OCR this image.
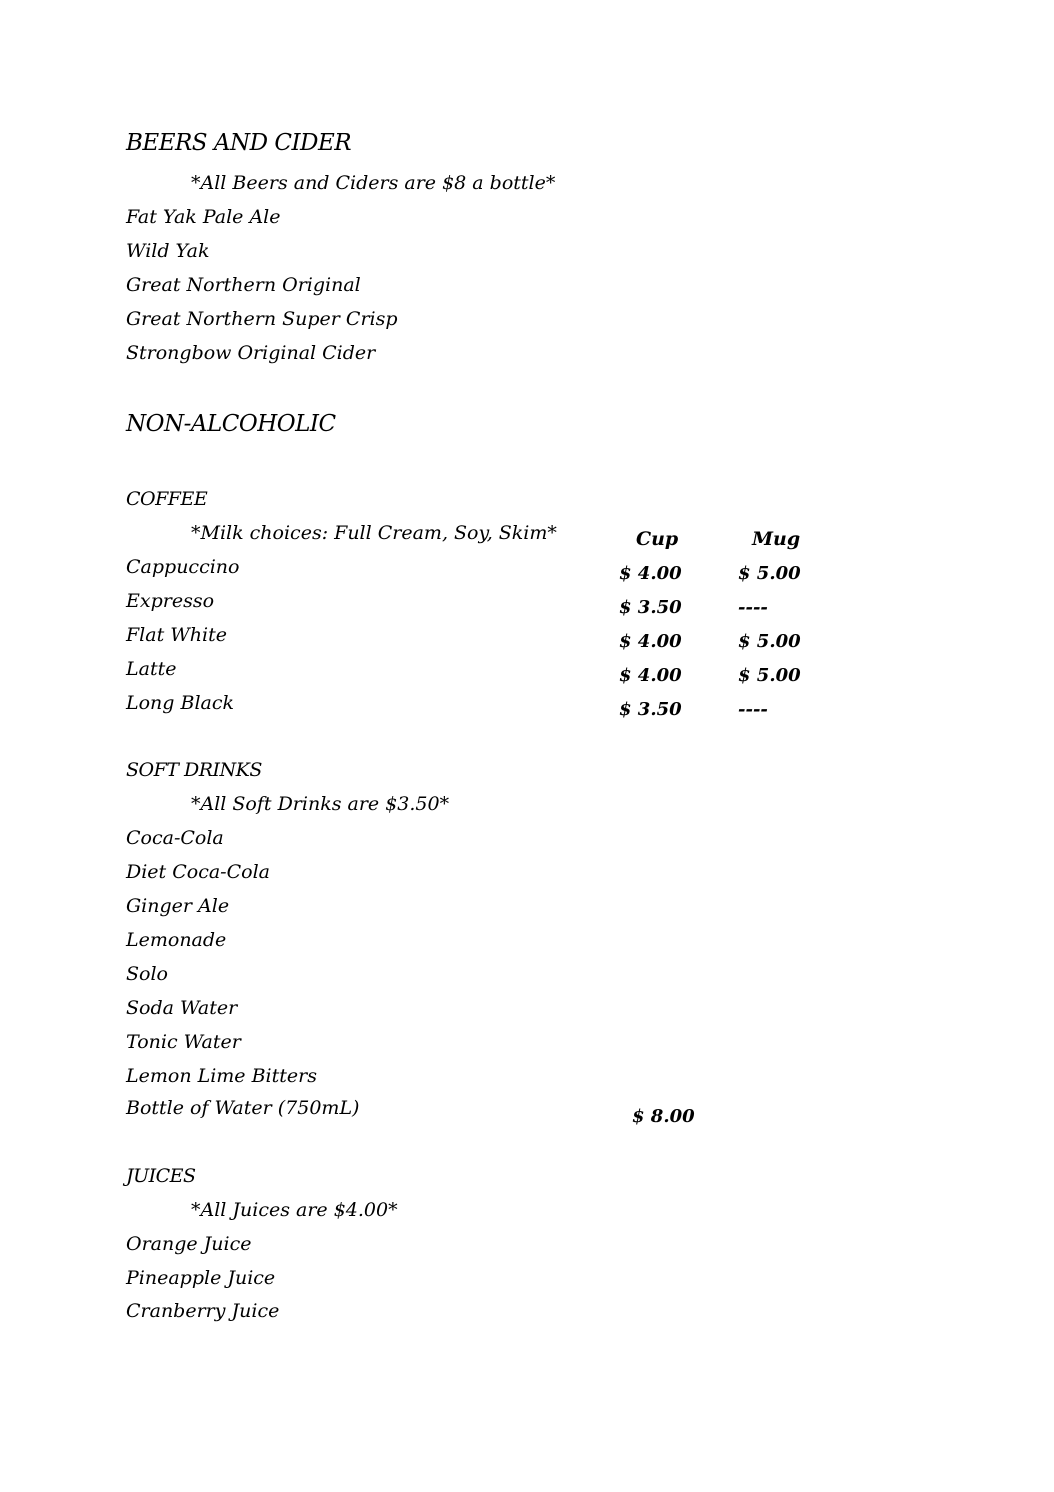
BEERS AND CIDER
*All Beers and Ciders are $8 a bottle*
Fat Yak Pale Ale
Wild Yak
Great Northern Original
Great Northern Super Crisp
Strongbow Original Cider
NON-ALCOHOLIC
COFFEE
*Milk choices: Full Cream, Soy, Skim*	Cup	Mug
Cappuccino	$ 4.00	$ 5.00
Expresso	$ 3.50	----
Flat White	$ 4.00	$ 5.00
Latte	$ 4.00	$ 5.00
Long Black	$ 3.50	----
SOFT DRINKS
*All Soft Drinks are $3.50*
Coca-Cola
Diet Coca-Cola
Ginger Ale
Lemonade
Solo
Soda Water
Tonic Water
Lemon Lime Bitters
Bottle of Water (750mL)	$ 8.00
JUICES
*All Juices are $4.00*
Orange Juice
Pineapple Juice
Cranberry Juice
